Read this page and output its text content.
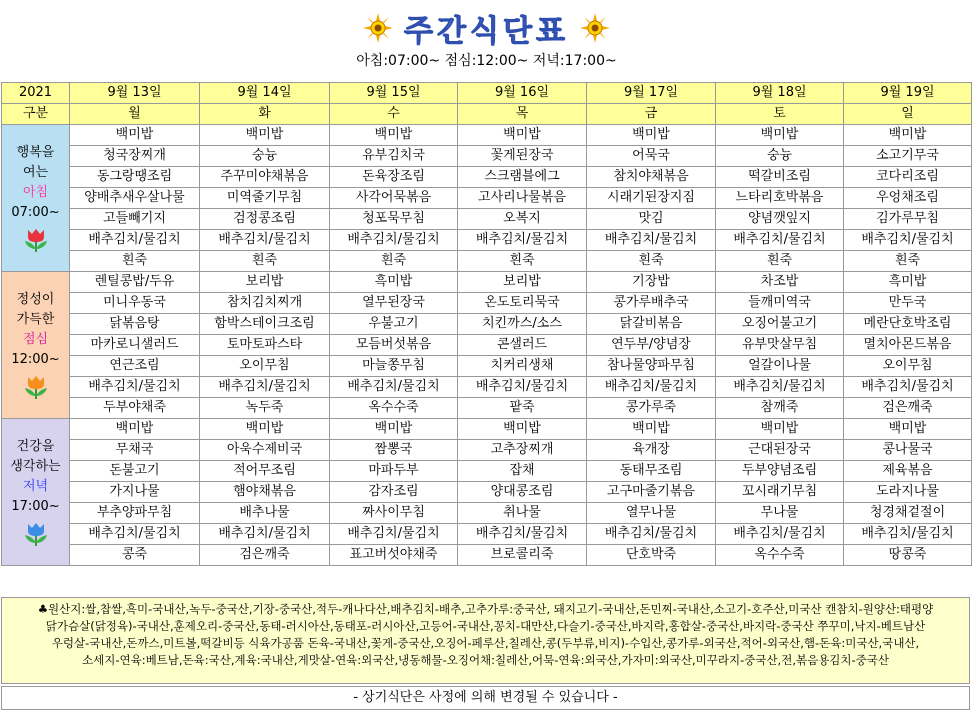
주간식단표
아침:07:00~ 점심:12:00~ 저녁:17:00~
2021	9월 13일	9월 14일	9월 15일	9월 16일	9월 17일	9월 18일	9월 19일
구분	월	화	수	목	금	토	일

행복을
여는
아침
07:00~	백미밥	백미밥	백미밥	백미밥	백미밥	백미밥	백미밥
	청국장찌개	숭늉	유부김치국	꽃게된장국	어묵국	숭늉	소고기무국
	동그랑땡조림	주꾸미야채볶음	돈육장조림	스크램블에그	참치야채볶음	떡갈비조림	코다리조림
	양배추새우살나물	미역줄기무침	사각어묵볶음	고사리나물볶음	시래기된장지짐	느타리호박볶음	우엉채조림
	고들빼기지	검정콩조림	청포묵무침	오복지	맛김	양념깻잎지	김가루무침
	배추김치/물김치	배추김치/물김치	배추김치/물김치	배추김치/물김치	배추김치/물김치	배추김치/물김치	배추김치/물김치
	흰죽	흰죽	흰죽	흰죽	흰죽	흰죽	흰죽

정성이
가득한
점심
12:00~	렌틸콩밥/두유	보리밥	흑미밥	보리밥	기장밥	차조밥	흑미밥
	미니우동국	참치김치찌개	열무된장국	온도토리묵국	콩가루배추국	들깨미역국	만두국
	닭볶음탕	함박스테이크조림	우불고기	치킨까스/소스	닭갈비볶음	오징어불고기	메란단호박조림
	마카로니샐러드	토마토파스타	모듬버섯볶음	콘샐러드	연두부/양념장	유부맛살무침	멸치아몬드볶음
	연근조림	오이무침	마늘쫑무침	치커리생채	참나물양파무침	얼갈이나물	오이무침
	배추김치/물김치	배추김치/물김치	배추김치/물김치	배추김치/물김치	배추김치/물김치	배추김치/물김치	배추김치/물김치
	두부야채죽	녹두죽	옥수수죽	팥죽	콩가루죽	참깨죽	검은깨죽

건강을
생각하는
저녁
17:00~	백미밥	백미밥	백미밥	백미밥	백미밥	백미밥	백미밥
	무채국	아욱수제비국	짬뽕국	고추장찌개	육개장	근대된장국	콩나물국
	돈불고기	적어무조림	마파두부	잡채	동태무조림	두부양념조림	제육볶음
	가지나물	햄야채볶음	감자조림	양대콩조림	고구마줄기볶음	꼬시래기무침	도라지나물
	부추양파무침	배추나물	짜사이무침	취나물	열무나물	무나물	청경채겉절이
	배추김치/물김치	배추김치/물김치	배추김치/물김치	배추김치/물김치	배추김치/물김치	배추김치/물김치	배추김치/물김치
	콩죽	검은깨죽	표고버섯야채죽	브로콜리죽	단호박죽	옥수수죽	땅콩죽
♣원산지:쌀,찹쌀,흑미-국내산,녹두-중국산,기장-중국산,적두-캐나다산,배추김치-배추,고추가루:중국산, 돼지고기-국내산,돈민찌-국내산,소고기-호주산,미국산 캔참치-원양산:태평양
닭가슴살(닭정육)-국내산,훈제오리-중국산,동태-러시아산,동태포-러시아산,고등어-국내산,꽁치-대만산,다슬기-중국산,바지락,홍합살-중국산,바지락-중국산 쭈꾸미,낙지-베트남산
우렁살-국내산,돈까스,미트볼,떡갈비등 식육가공품 돈육-국내산,꽃게-중국산,오징어-페루산,칠레산,콩(두부류,비지)-수입산,콩가루-외국산,적어-외국산,햄-돈육:미국산,국내산,
소세지-연육:베트남,돈육:국산,계육:국내산,게맛살-연육:외국산,냉동해물-오징어채:칠레산,어묵-연육:외국산,가자미:외국산,미꾸라지-중국산,전,볶음용김치-중국산
- 상기식단은 사정에 의해 변경될 수 있습니다 -
